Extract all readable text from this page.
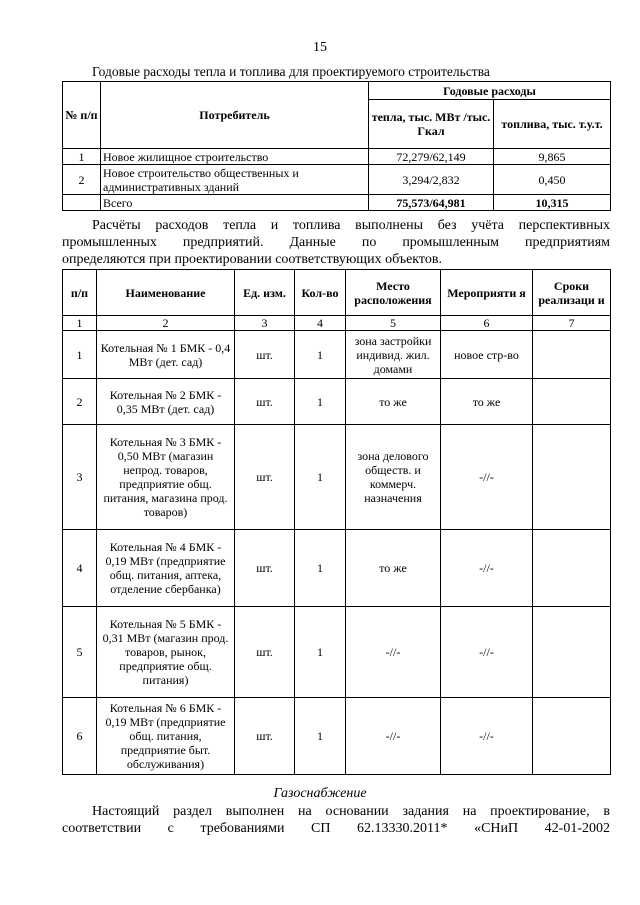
15
Годовые расходы тепла и топлива для проектируемого строительства
№ п/п	Потребитель	Годовые расходы	
		тепла, тыс. МВт /тыс. Гкал	топлива, тыс. т.у.т.
1	Новое жилищное строительство	72,279/62,149	9,865
2	Новое строительство общественных и административных зданий	3,294/2,832	0,450
	Всего	75,573/64,981	10,315
Расчёты расходов тепла и топлива выполнены без учёта перспективных
промышленных предприятий. Данные по промышленным предприятиям
определяются при проектировании соответствующих объектов.
п/п	Наименование	Ед. изм.	Кол-во	Место расположения	Мероприяти я	Сроки реализаци и
1	2	3	4	5	6	7
1	Котельная № 1 БМК - 0,4 МВт (дет. сад)	шт.	1	зона застройки индивид. жил. домами	новое стр-во	
2	Котельная № 2 БМК - 0,35 МВт (дет. сад)	шт.	1	то же	то же	
3	Котельная № 3 БМК - 0,50 МВт (магазин непрод. товаров, предприятие общ. питания, магазина прод. товаров)	шт.	1	зона делового обществ. и коммерч. назначения	-//-	
4	Котельная № 4 БМК - 0,19 МВт (предприятие общ. питания, аптека, отделение сбербанка)	шт.	1	то же	-//-	
5	Котельная № 5 БМК - 0,31 МВт (магазин прод. товаров, рынок, предприятие общ. питания)	шт.	1	-//-	-//-	
6	Котельная № 6 БМК - 0,19 МВт (предприятие общ. питания, предприятие быт. обслуживания)	шт.	1	-//-	-//-	
Газоснабжение
Настоящий раздел выполнен на основании задания на проектирование, в
соответствии с требованиями СП 62.13330.2011* «СНиП 42-01-2002
